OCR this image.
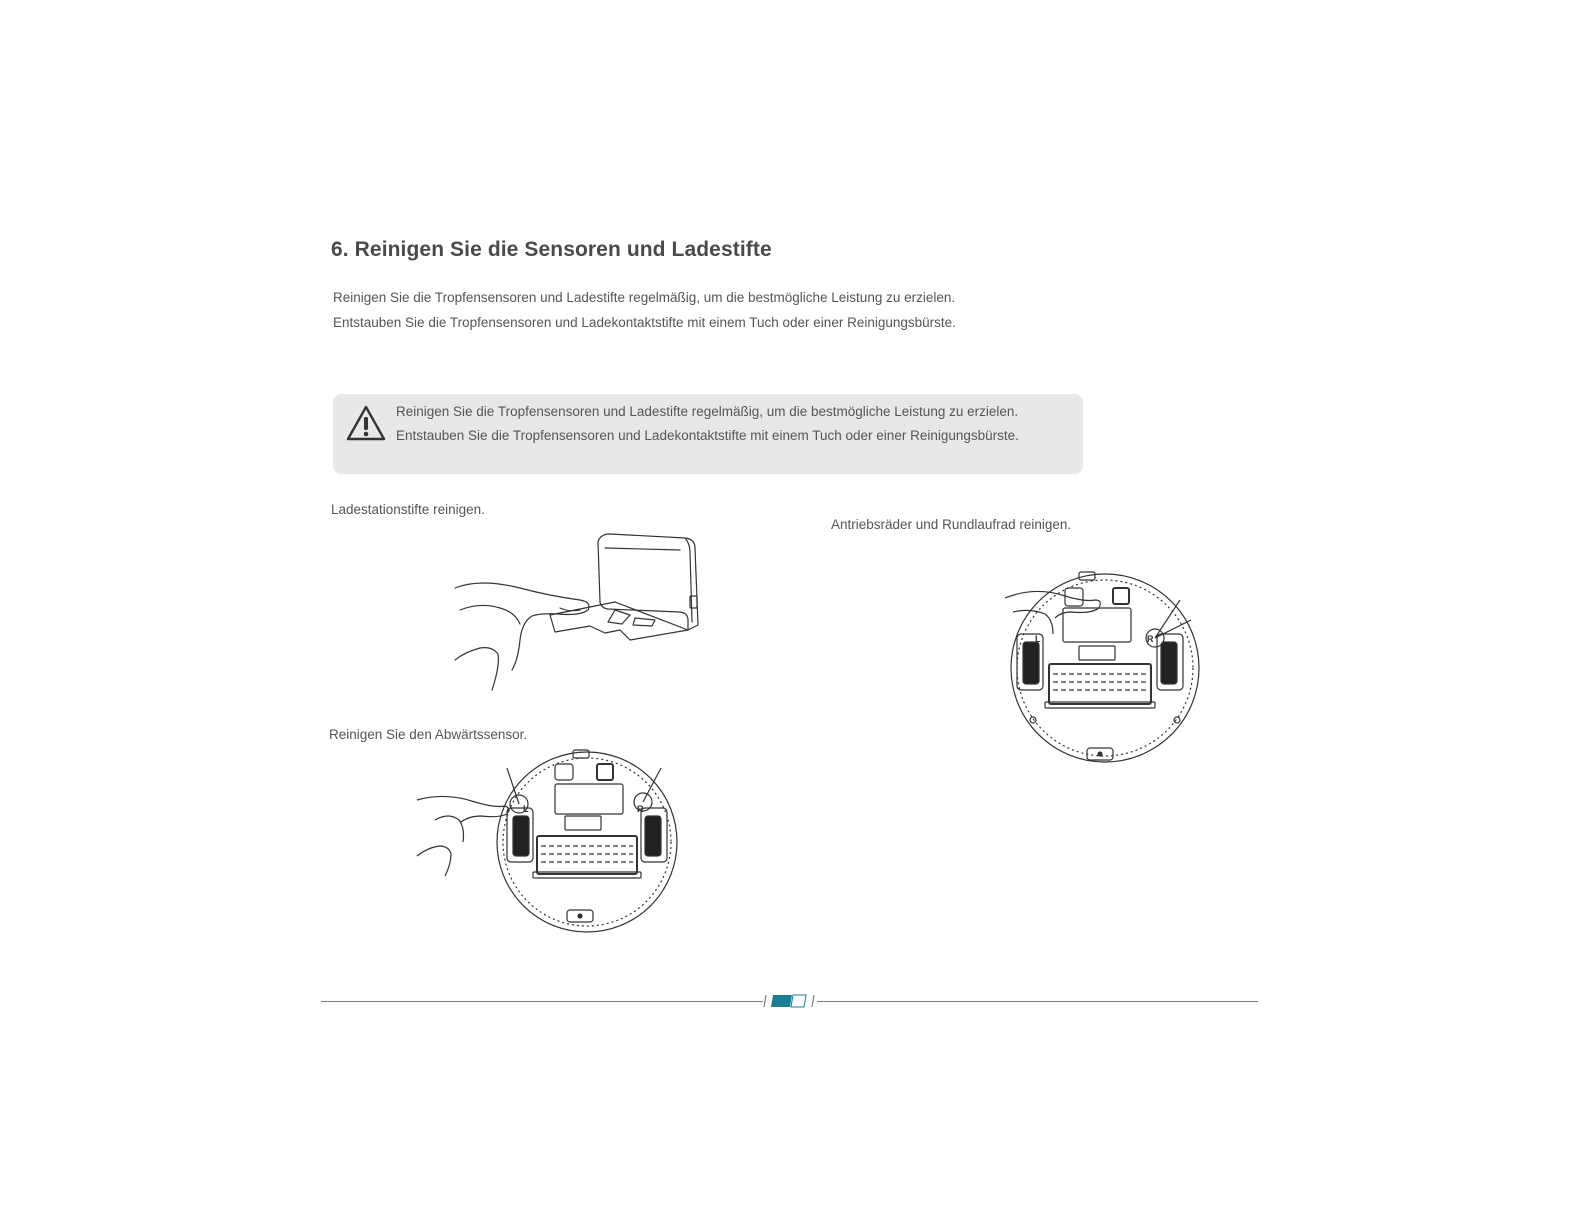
6. Reinigen Sie die Sensoren und Ladestifte
Reinigen Sie die Tropfensensoren und Ladestifte regelmäßig, um die bestmögliche Leistung zu erzielen.
Entstauben Sie die Tropfensensoren und Ladekontaktstifte mit einem Tuch oder einer Reinigungsbürste.
Reinigen Sie die Tropfensensoren und Ladestifte regelmäßig, um die bestmögliche Leistung zu erzielen.
Entstauben Sie die Tropfensensoren und Ladekontaktstifte mit einem Tuch oder einer Reinigungsbürste.
Ladestationstifte reinigen.
Antriebsräder und Rundlaufrad reinigen.
Reinigen Sie den Abwärtssensor.
L	R
L	R
